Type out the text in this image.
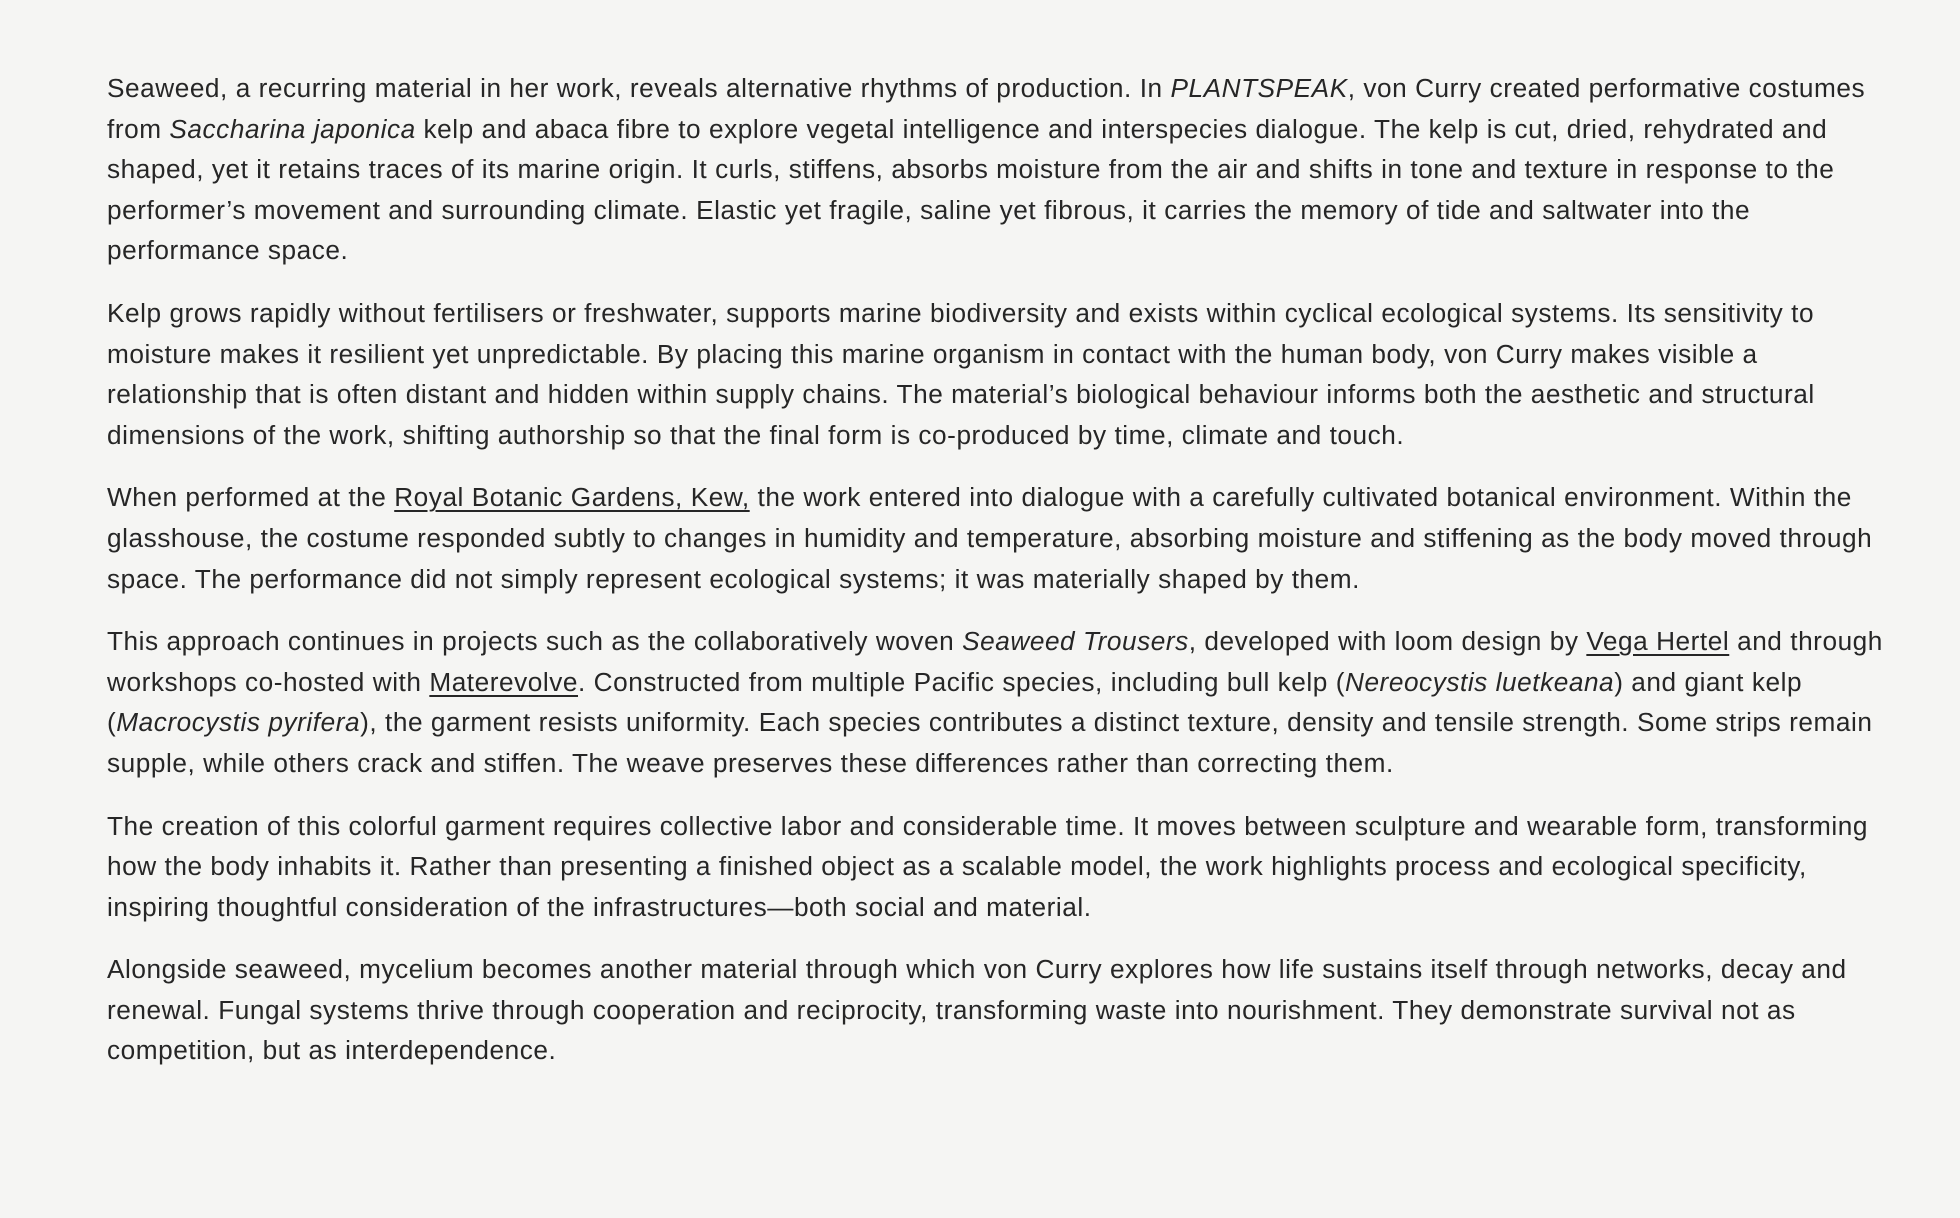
Seaweed, a recurring material in her work, reveals alternative rhythms of production. In PLANTSPEAK, von Curry created performative costumes from Saccharina japonica kelp and abaca fibre to explore vegetal intelligence and interspecies dialogue. The kelp is cut, dried, rehydrated and shaped, yet it retains traces of its marine origin. It curls, stiffens, absorbs moisture from the air and shifts in tone and texture in response to the performer’s movement and surrounding climate. Elastic yet fragile, saline yet fibrous, it carries the memory of tide and saltwater into the performance space.

Kelp grows rapidly without fertilisers or freshwater, supports marine biodiversity and exists within cyclical ecological systems. Its sensitivity to moisture makes it resilient yet unpredictable. By placing this marine organism in contact with the human body, von Curry makes visible a relationship that is often distant and hidden within supply chains. The material’s biological behaviour informs both the aesthetic and structural dimensions of the work, shifting authorship so that the final form is co-produced by time, climate and touch.

When performed at the Royal Botanic Gardens, Kew, the work entered into dialogue with a carefully cultivated botanical environment. Within the glasshouse, the costume responded subtly to changes in humidity and temperature, absorbing moisture and stiffening as the body moved through space. The performance did not simply represent ecological systems; it was materially shaped by them.

This approach continues in projects such as the collaboratively woven Seaweed Trousers, developed with loom design by Vega Hertel and through workshops co-hosted with Materevolve. Constructed from multiple Pacific species, including bull kelp (Nereocystis luetkeana) and giant kelp (Macrocystis pyrifera), the garment resists uniformity. Each species contributes a distinct texture, density and tensile strength. Some strips remain supple, while others crack and stiffen. The weave preserves these differences rather than correcting them.

The creation of this colorful garment requires collective labor and considerable time. It moves between sculpture and wearable form, transforming how the body inhabits it. Rather than presenting a finished object as a scalable model, the work highlights process and ecological specificity, inspiring thoughtful consideration of the infrastructures—both social and material.

Alongside seaweed, mycelium becomes another material through which von Curry explores how life sustains itself through networks, decay and renewal. Fungal systems thrive through cooperation and reciprocity, transforming waste into nourishment. They demonstrate survival not as competition, but as interdependence.
